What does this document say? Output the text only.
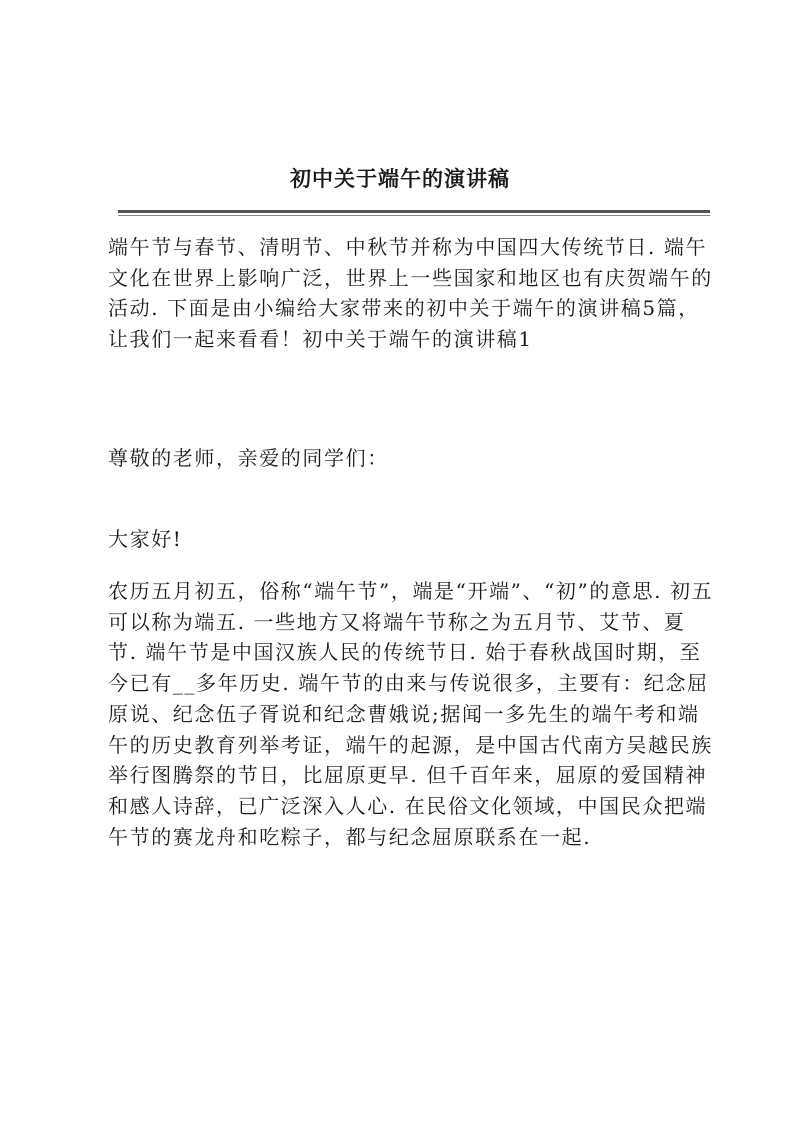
初中关于端午的演讲稿

端午节与春节、清明节、中秋节并称为中国四大传统节日. 端午文化在世界上影响广泛，世界上一些国家和地区也有庆贺端午的活动. 下面是由小编给大家带来的初中关于端午的演讲稿5篇，让我们一起来看看！初中关于端午的演讲稿1

尊敬的老师，亲爱的同学们：

大家好!

农历五月初五，俗称“端午节”，端是“开端”、“初”的意思. 初五可以称为端五. 一些地方又将端午节称之为五月节、艾节、夏节. 端午节是中国汉族人民的传统节日. 始于春秋战国时期，至今已有__多年历史. 端午节的由来与传说很多，主要有：纪念屈原说、纪念伍子胥说和纪念曹娥说;据闻一多先生的端午考和端午的历史教育列举考证，端午的起源，是中国古代南方吴越民族举行图腾祭的节日，比屈原更早. 但千百年来，屈原的爱国精神和感人诗辞，已广泛深入人心. 在民俗文化领域，中国民众把端午节的赛龙舟和吃粽子，都与纪念屈原联系在一起.
